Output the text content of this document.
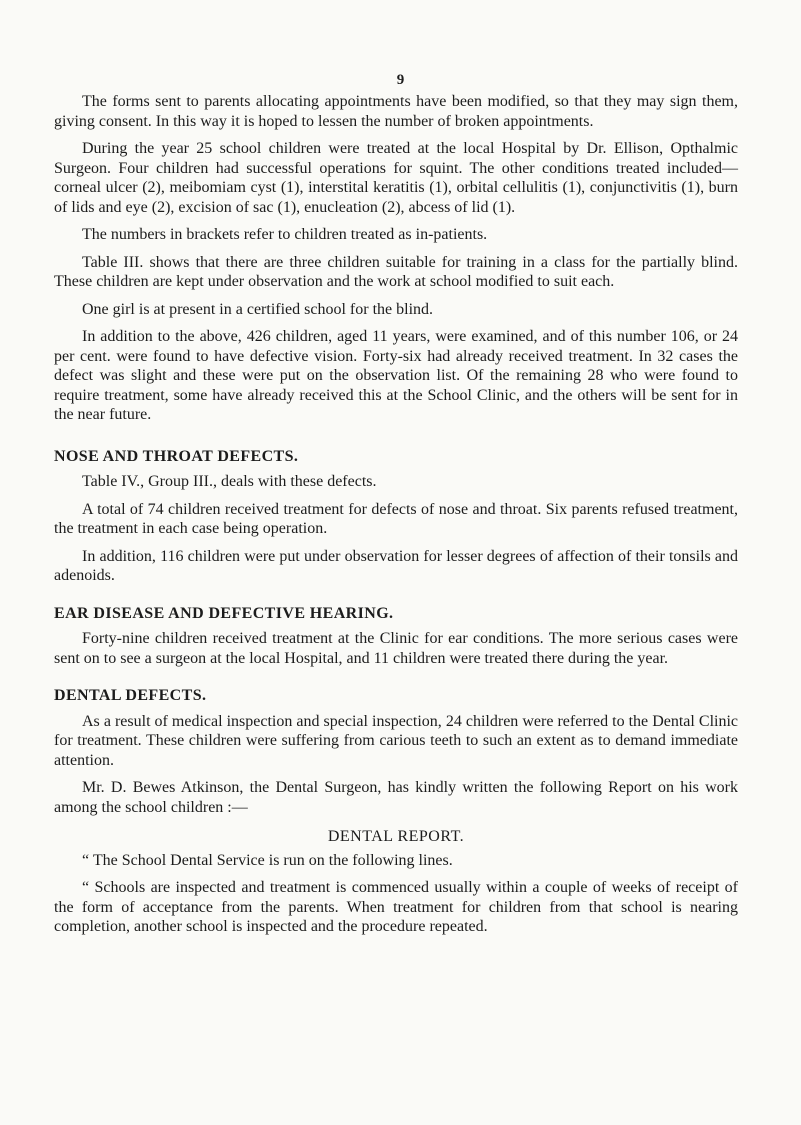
9

The forms sent to parents allocating appointments have been modified, so that they may sign them, giving consent. In this way it is hoped to lessen the number of broken appointments.

During the year 25 school children were treated at the local Hospital by Dr. Ellison, Opthalmic Surgeon. Four children had successful operations for squint. The other conditions treated included—corneal ulcer (2), meibomiam cyst (1), interstital keratitis (1), orbital cellulitis (1), conjunctivitis (1), burn of lids and eye (2), excision of sac (1), enucleation (2), abcess of lid (1).

The numbers in brackets refer to children treated as in-patients.

Table III. shows that there are three children suitable for training in a class for the partially blind. These children are kept under observation and the work at school modified to suit each.

One girl is at present in a certified school for the blind.

In addition to the above, 426 children, aged 11 years, were examined, and of this number 106, or 24 per cent. were found to have defective vision. Forty-six had already received treatment. In 32 cases the defect was slight and these were put on the observation list. Of the remaining 28 who were found to require treatment, some have already received this at the School Clinic, and the others will be sent for in the near future.

NOSE AND THROAT DEFECTS.

Table IV., Group III., deals with these defects.

A total of 74 children received treatment for defects of nose and throat. Six parents refused treatment, the treatment in each case being operation.

In addition, 116 children were put under observation for lesser degrees of affection of their tonsils and adenoids.

EAR DISEASE AND DEFECTIVE HEARING.

Forty-nine children received treatment at the Clinic for ear conditions. The more serious cases were sent on to see a surgeon at the local Hospital, and 11 children were treated there during the year.

DENTAL DEFECTS.

As a result of medical inspection and special inspection, 24 children were referred to the Dental Clinic for treatment. These children were suffering from carious teeth to such an extent as to demand immediate attention.

Mr. D. Bewes Atkinson, the Dental Surgeon, has kindly written the following Report on his work among the school children :—

DENTAL REPORT.

“ The School Dental Service is run on the following lines.

“ Schools are inspected and treatment is commenced usually within a couple of weeks of receipt of the form of acceptance from the parents. When treatment for children from that school is nearing completion, another school is inspected and the procedure repeated.
